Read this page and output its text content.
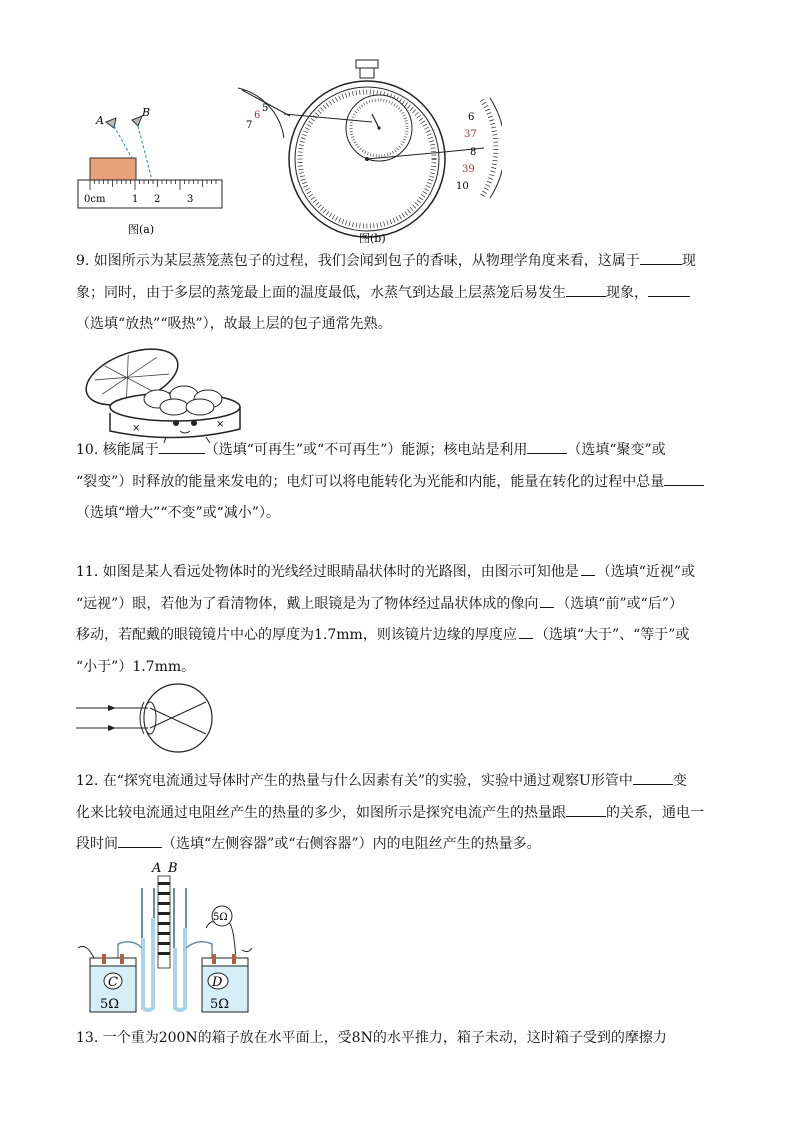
A
B
0cm	1 2	3
图(a)
5
6
7
6
37
8
39
10
图(b)

9. 如图所示为某层蒸笼蒸包子的过程，我们会闻到包子的香味，从物理学角度来看，这属于	现

象；同时，由于多层的蒸笼最上面的温度最低，水蒸气到达最上层蒸笼后易发生	现象，

（选填“放热”“吸热”），故最上层的包子通常先熟。

×	×

10. 核能属于	（选填“可再生”或“不可再生”）能源；核电站是利用	（选填“聚变”或

“裂变”）时释放的能量来发电的；电灯可以将电能转化为光能和内能，能量在转化的过程中总量

（选填“增大”“不变”或“减小”）。

11. 如图是某人看远处物体时的光线经过眼睛晶状体时的光路图，由图示可知他是 （选填“近视”或

“远视”）眼，若他为了看清物体，戴上眼镜是为了物体经过晶状体成的像向 （选填“前”或“后”）

移动，若配戴的眼镜镜片中心的厚度为1.7mm，则该镜片边缘的厚度应 （选填“大于”、“等于”或

“小于”）1.7mm。

12. 在“探究电流通过导体时产生的热量与什么因素有关”的实验，实验中通过观察U形管中	变

化来比较电流通过电阻丝产生的热量的多少，如图所示是探究电流产生的热量跟	的关系，通电一

段时间	（选填“左侧容器”或“右侧容器”）内的电阻丝产生的热量多。

A B
5Ω
C
5Ω
D
5Ω

13. 一个重为200N的箱子放在水平面上，受8N的水平推力，箱子未动，这时箱子受到的摩擦力
